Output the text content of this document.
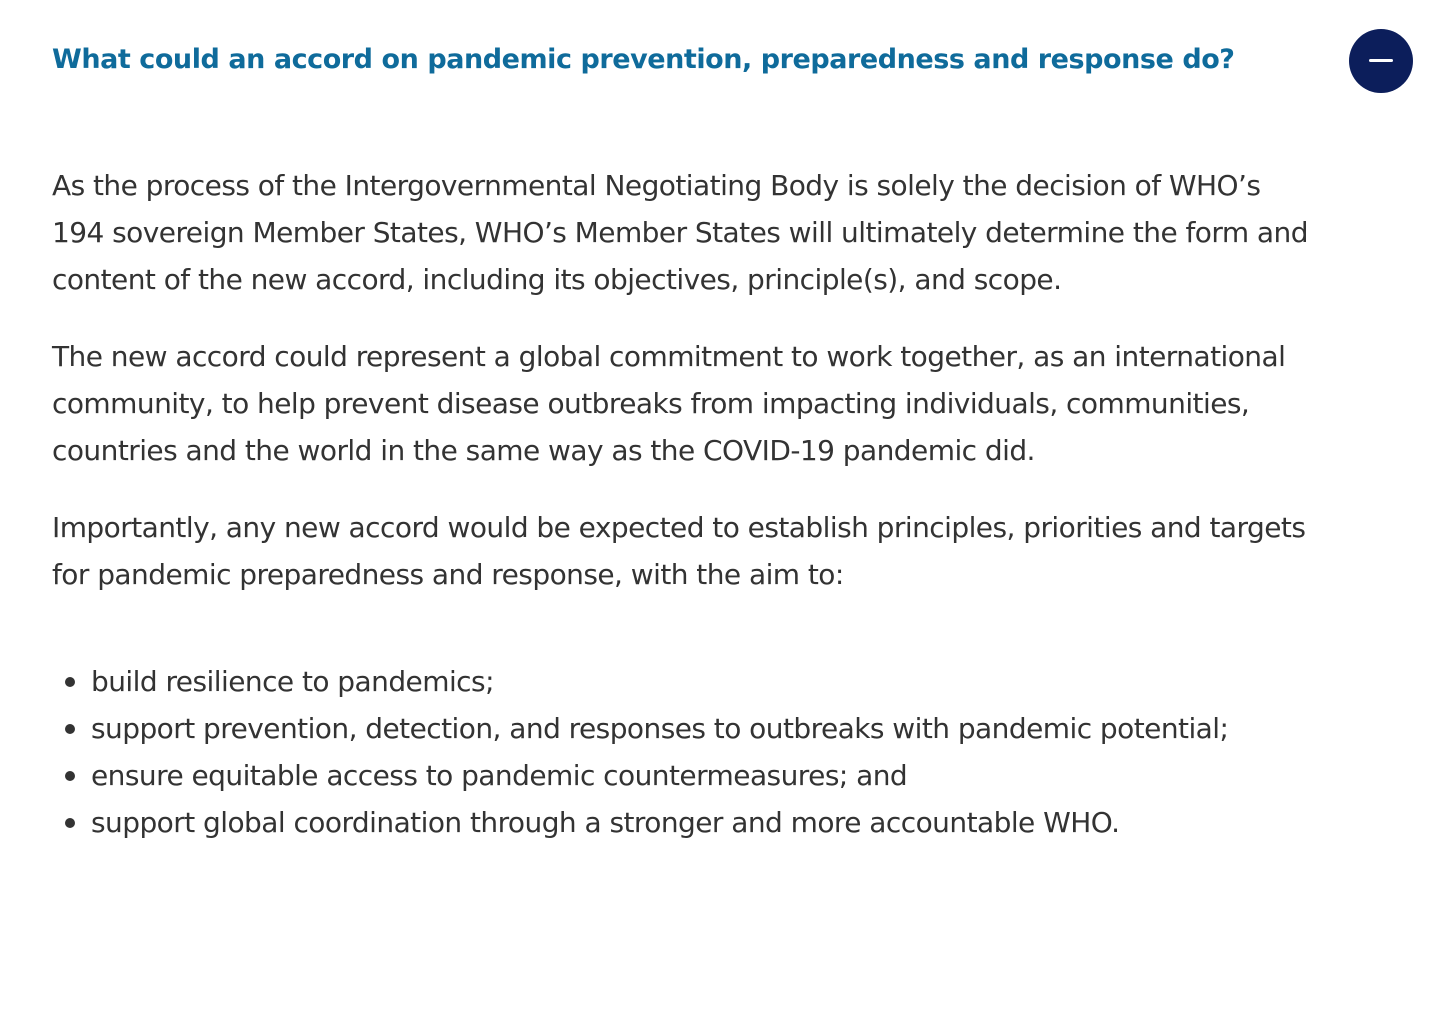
What could an accord on pandemic prevention, preparedness and response do?

As the process of the Intergovernmental Negotiating Body is solely the decision of WHO’s 194 sovereign Member States, WHO’s Member States will ultimately determine the form and content of the new accord, including its objectives, principle(s), and scope.

The new accord could represent a global commitment to work together, as an international community, to help prevent disease outbreaks from impacting individuals, communities, countries and the world in the same way as the COVID-19 pandemic did.

Importantly, any new accord would be expected to establish principles, priorities and targets for pandemic preparedness and response, with the aim to:

build resilience to pandemics;
support prevention, detection, and responses to outbreaks with pandemic potential;
ensure equitable access to pandemic countermeasures; and
support global coordination through a stronger and more accountable WHO.
